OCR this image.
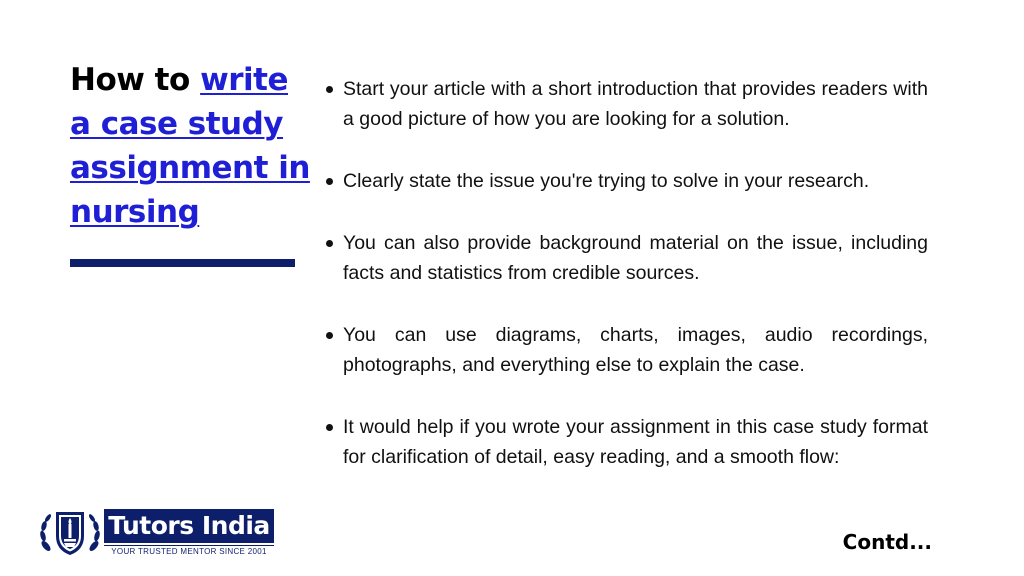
How to write a case study assignment in nursing
Start your article with a short introduction that provides readers with a good picture of how you are looking for a solution.
Clearly state the issue you're trying to solve in your research.
You can also provide background material on the issue, including facts and statistics from credible sources.
You can use diagrams, charts, images, audio recordings, photographs, and everything else to explain the case.
It would help if you wrote your assignment in this case study format for clarification of detail, easy reading, and a smooth flow:
Contd...
Tutors India
YOUR TRUSTED MENTOR SINCE 2001
